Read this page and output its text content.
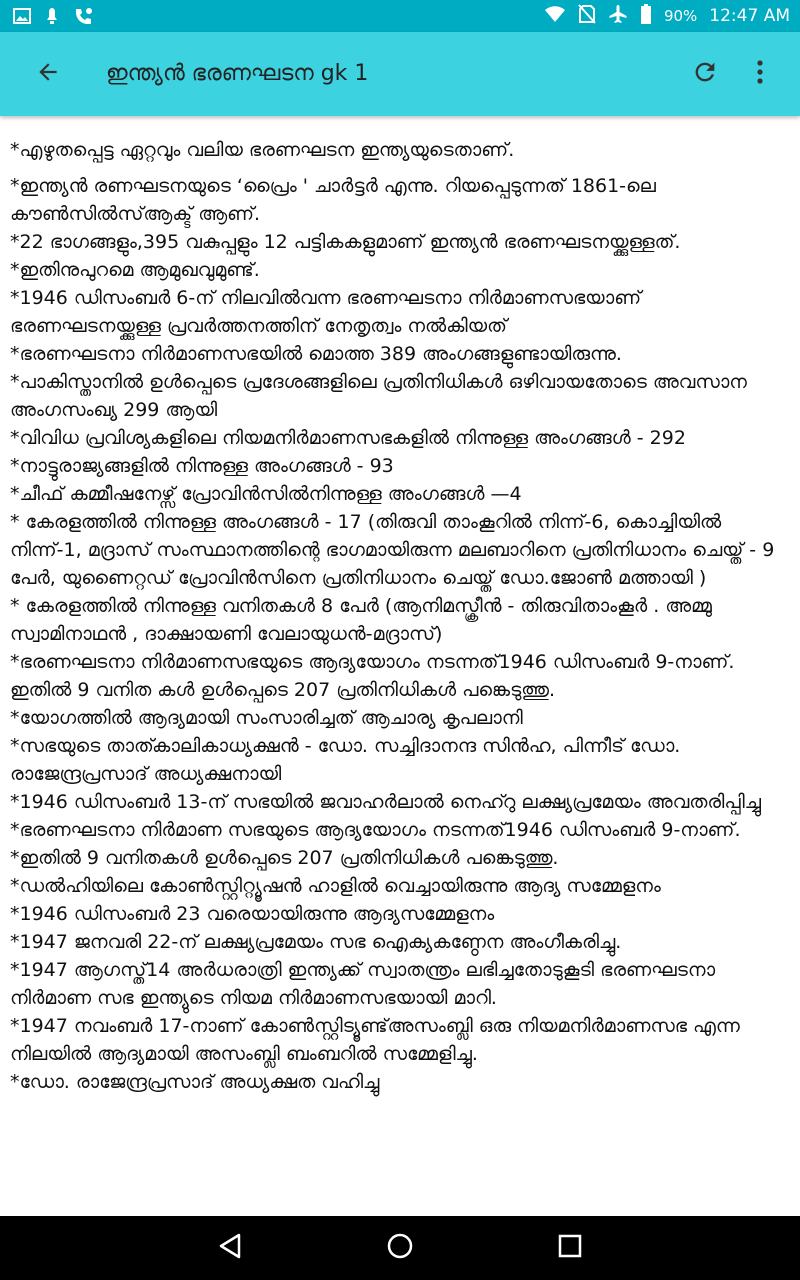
90% 12:47 AM
ഇന്ത്യൻ ഭരണഘടന gk 1

*എഴുതപ്പെട്ട ഏറ്റവും വലിയ ഭരണഘടന ഇന്ത്യയുടെതാണ്.

*ഇന്ത്യൻ രണഘടനയുടെ ‘പ്രൈം ' ചാർട്ടർ എന്നു. റിയപ്പെടുന്നത് 1861-ലെ കൗൺസിൽസ്ആക്ട് ആണ്.

*22 ഭാഗങ്ങളും,395 വകുപ്പളും 12 പട്ടികകളുമാണ് ഇന്ത്യൻ ഭരണഘടനയ്ക്കുള്ളത്.

*ഇതിനുപുറമെ ആമുഖവുമുണ്ട്.

*1946 ഡിസംബർ 6-ന് നിലവിൽവന്ന ഭരണഘടനാ നിർമാണസഭയാണ് ഭരണഘടനയ്ക്കുള്ള പ്രവർത്തനത്തിന് നേതൃത്വം നൽകിയത്

*ഭരണഘടനാ നിർമാണസഭയിൽ മൊത്ത 389 അംഗങ്ങളുണ്ടായിരുന്നു.

*പാകിസ്താനിൽ ഉൾപ്പെടെ പ്രദേശങ്ങളിലെ പ്രതിനിധികൾ ഒഴിവായതോടെ അവസാന അംഗസംഖ്യ 299 ആയി

*വിവിധ പ്രവിശ്യകളിലെ നിയമനിർമാണസഭകളിൽ നിന്നുള്ള അംഗങ്ങൾ - 292

*നാട്ടുരാജ്യങ്ങളിൽ നിന്നുള്ള അംഗങ്ങൾ - 93

*ചീഫ് കമ്മീഷനേഴ്സ് പ്രോവിൻസിൽനിന്നുള്ള അംഗങ്ങൾ —4

* കേരളത്തിൽ നിന്നുള്ള അംഗങ്ങൾ - 17 (തിരുവി താംകൂറിൽ നിന്ന്-6, കൊച്ചിയിൽ നിന്ന്-1, മദ്രാസ് സംസ്ഥാനത്തിന്റെ ഭാഗമായിരുന്ന മലബാറിനെ പ്രതിനിധാനം ചെയ്ത് - 9 പേർ, യുണൈറ്റഡ് പ്രോവിൻസിനെ പ്രതിനിധാനം ചെയ്ത് ഡോ.ജോൺ മത്തായി )

* കേരളത്തിൽ നിന്നുള്ള വനിതകൾ 8 പേർ (ആനിമസ്ക്രീൻ - തിരുവിതാംകൂർ . അമ്മു സ്വാമിനാഥൻ , ദാക്ഷായണി വേലായുധൻ-മദ്രാസ്)

*ഭരണഘടനാ നിർമാണസഭയുടെ ആദ്യയോഗം നടന്നത്1946 ഡിസംബർ 9-നാണ്. ഇതിൽ 9 വനിത കൾ ഉൾപ്പെടെ 207 പ്രതിനിധികൾ പങ്കെടുത്തു.

*യോഗത്തിൽ ആദ്യമായി സംസാരിച്ചത് ആചാര്യ കൃപലാനി

*സഭയുടെ താത്കാലികാധ്യക്ഷൻ - ഡോ. സച്ചിദാനന്ദ സിൻഹ, പിന്നീട് ഡോ. രാജേന്ദ്രപ്രസാദ് അധ്യക്ഷനായി

*1946 ഡിസംബർ 13-ന് സഭയിൽ ജവാഹർലാൽ നെഹ്റു ലക്ഷ്യപ്രമേയം അവതരിപ്പിച്ചു

*ഭരണഘടനാ നിർമാണ സഭയുടെ ആദ്യയോഗം നടന്നത്1946 ഡിസംബർ 9-നാണ്.

*ഇതിൽ 9 വനിതകൾ ഉൾപ്പെടെ 207 പ്രതിനിധികൾ പങ്കെടുത്തു.

*ഡൽഹിയിലെ കോൺസ്റ്റിറ്റ്യൂഷൻ ഹാളിൽ വെച്ചായിരുന്നു ആദ്യ സമ്മേളനം

*1946 ഡിസംബർ 23 വരെയായിരുന്നു ആദ്യസമ്മേളനം

*1947 ജനവരി 22-ന് ലക്ഷ്യപ്രമേയം സഭ ഐക്യകണ്ഠേന അംഗീകരിച്ചു.

*1947 ആഗസ്ത്14 അർധരാത്രി ഇന്ത്യക്ക് സ്വാതന്ത്രം ലഭിച്ചതോടുകൂടി ഭരണഘടനാ നിർമാണ സഭ ഇന്ത്യുടെ നിയമ നിർമാണസഭയായി മാറി.

*1947 നവംബർ 17-നാണ് കോൺസ്റ്റിട്യൂണ്ട്അസംബ്ലി ഒരു നിയമനിർമാണസഭ എന്ന നിലയിൽ ആദ്യമായി അസംബ്ലി ബംബറിൽ സമ്മേളിച്ചു.

*ഡോ. രാജേന്ദ്രപ്രസാദ് അധ്യക്ഷത വഹിച്ചു
